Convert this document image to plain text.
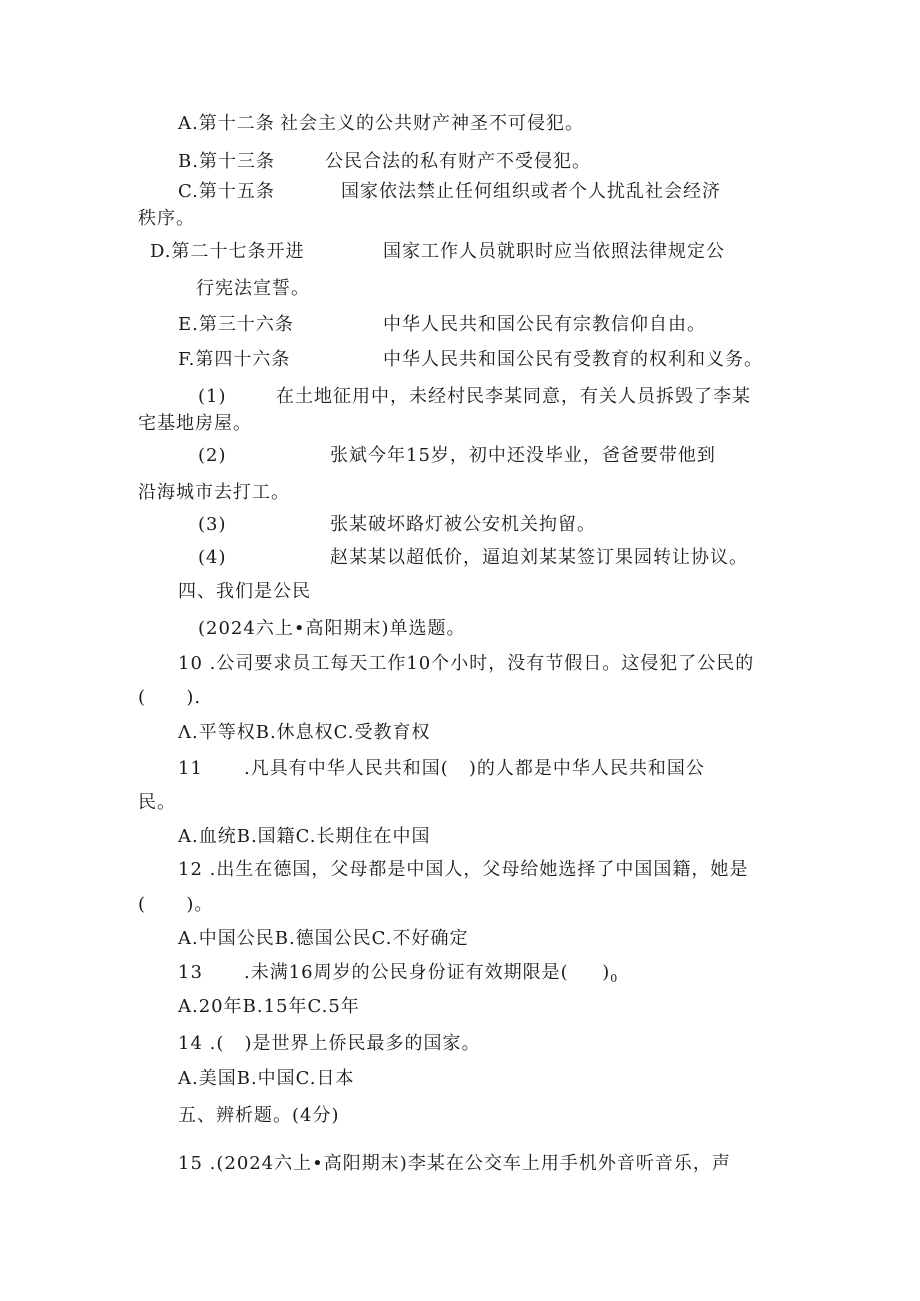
A.第十二条 社会主义的公共财产神圣不可侵犯。
B.第十三条	公民合法的私有财产不受侵犯。
C.第十五条	国家依法禁止任何组织或者个人扰乱社会经济
秩序。
D.第二十七条开进	国家工作人员就职时应当依照法律规定公
行宪法宣誓。
E.第三十六条	中华人民共和国公民有宗教信仰自由。
F.第四十六条	中华人民共和国公民有受教育的权利和义务。
(1)	在土地征用中，未经村民李某同意，有关人员拆毁了李某
宅基地房屋。
(2)	张斌今年15岁，初中还没毕业，爸爸要带他到
沿海城市去打工。
(3)	张某破坏路灯被公安机关拘留。
(4)	赵某某以超低价，逼迫刘某某签订果园转让协议。
四、我们是公民
(2024六上•高阳期末)单选题。
10 .公司要求员工每天工作10个小时，没有节假日。这侵犯了公民的
(      ).
Λ.平等权B.休息权C.受教育权
11 .凡具有中华人民共和国(   )的人都是中华人民共和国公
民。
A.血统B.国籍C.长期住在中国
12 .出生在德国，父母都是中国人，父母给她选择了中国国籍，她是
(      )。
A.中国公民B.德国公民C.不好确定
13 .未满16周岁的公民身份证有效期限是(     )$_0$
A.20年B.15年C.5年
14 .(   )是世界上侨民最多的国家。
A.美国B.中国C.日本
五、辨析题。(4分)
15 .(2024六上•高阳期末)李某在公交车上用手机外音听音乐，声
